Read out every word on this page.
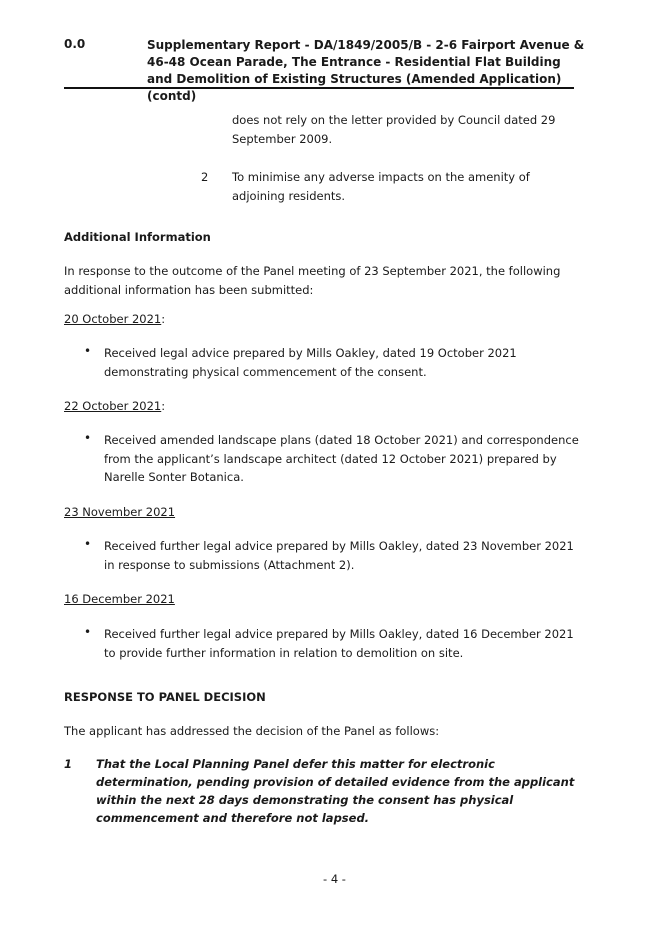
0.0	Supplementary Report - DA/1849/2005/B - 2-6 Fairport Avenue & 46-48 Ocean Parade, The Entrance - Residential Flat Building and Demolition of Existing Structures (Amended Application) (contd)
does not rely on the letter provided by Council dated 29 September 2009.
2 To minimise any adverse impacts on the amenity of adjoining residents.
Additional Information
In response to the outcome of the Panel meeting of 23 September 2021, the following additional information has been submitted:
20 October 2021:
• Received legal advice prepared by Mills Oakley, dated 19 October 2021 demonstrating physical commencement of the consent.
22 October 2021:
• Received amended landscape plans (dated 18 October 2021) and correspondence from the applicant’s landscape architect (dated 12 October 2021) prepared by Narelle Sonter Botanica.
23 November 2021
• Received further legal advice prepared by Mills Oakley, dated 23 November 2021 in response to submissions (Attachment 2).
16 December 2021
• Received further legal advice prepared by Mills Oakley, dated 16 December 2021 to provide further information in relation to demolition on site.
RESPONSE TO PANEL DECISION
The applicant has addressed the decision of the Panel as follows:
1 That the Local Planning Panel defer this matter for electronic determination, pending provision of detailed evidence from the applicant within the next 28 days demonstrating the consent has physical commencement and therefore not lapsed.
- 4 -
